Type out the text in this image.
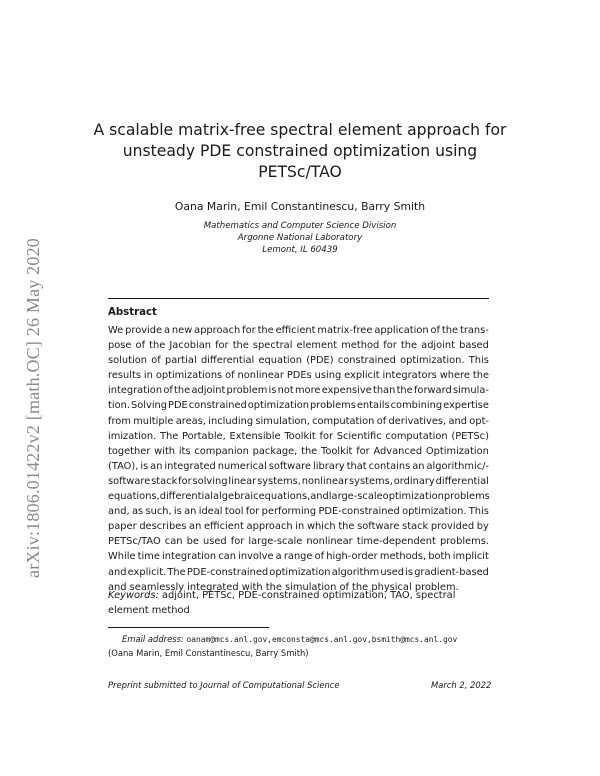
arXiv:1806.01422v2 [math.OC] 26 May 2020
A scalable matrix-free spectral element approach for
unsteady PDE constrained optimization using
PETSc/TAO
Oana Marin, Emil Constantinescu, Barry Smith
Mathematics and Computer Science Division
Argonne National Laboratory
Lemont, IL 60439
Abstract
We provide a new approach for the efficient matrix-free application of the trans-
pose of the Jacobian for the spectral element method for the adjoint based
solution of partial differential equation (PDE) constrained optimization. This
results in optimizations of nonlinear PDEs using explicit integrators where the
integration of the adjoint problem is not more expensive than the forward simula-
tion. Solving PDE constrained optimization problems entails combining expertise
from multiple areas, including simulation, computation of derivatives, and opt-
imization. The Portable, Extensible Toolkit for Scientific computation (PETSc)
together with its companion package, the Toolkit for Advanced Optimization
(TAO), is an integrated numerical software library that contains an algorithmic/-
software stack for solving linear systems, nonlinear systems, ordinary differential
equations, differential algebraic equations, and large-scale optimization problems
and, as such, is an ideal tool for performing PDE-constrained optimization. This
paper describes an efficient approach in which the software stack provided by
PETSc/TAO can be used for large-scale nonlinear time-dependent problems.
While time integration can involve a range of high-order methods, both implicit
and explicit. The PDE-constrained optimization algorithm used is gradient-based
and seamlessly integrated with the simulation of the physical problem.
Keywords: adjoint, PETSc, PDE-constrained optimization, TAO, spectral
element method
Email address: oanam@mcs.anl.gov,emconsta@mcs.anl.gov,bsmith@mcs.anl.gov
(Oana Marin, Emil Constantinescu, Barry Smith)
Preprint submitted to Journal of Computational Science	March 2, 2022
